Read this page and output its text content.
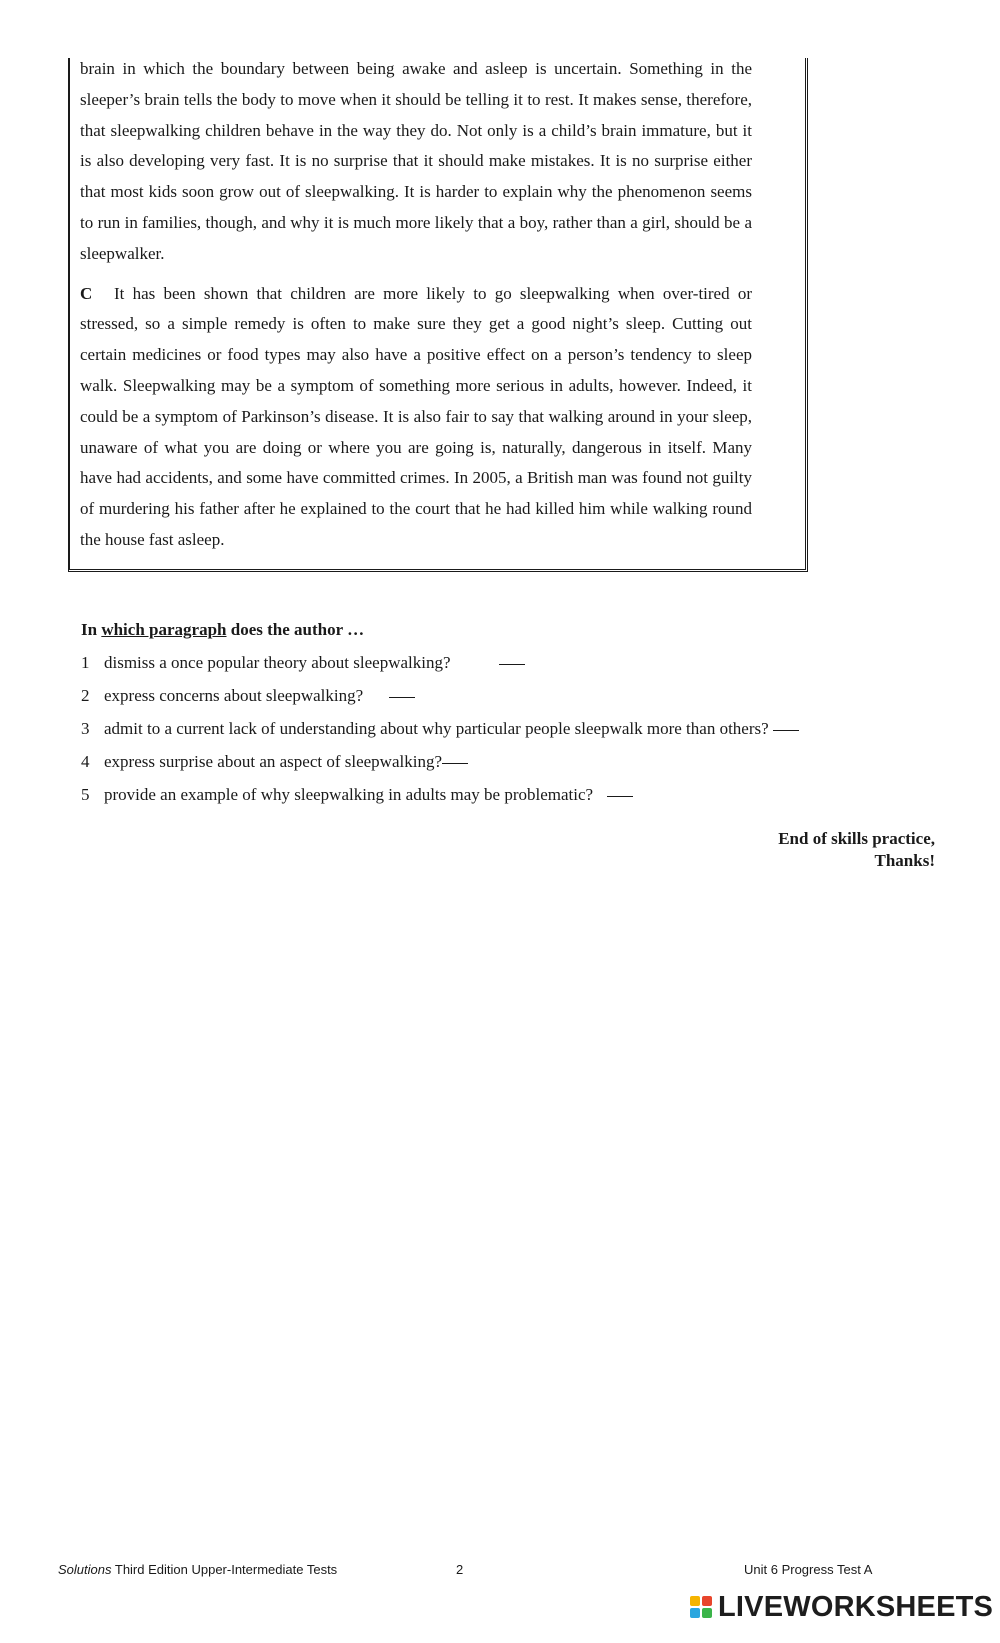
brain in which the boundary between being awake and asleep is uncertain. Something in the sleeper’s brain tells the body to move when it should be telling it to rest. It makes sense, therefore, that sleepwalking children behave in the way they do. Not only is a child’s brain immature, but it is also developing very fast. It is no surprise that it should make mistakes. It is no surprise either that most kids soon grow out of sleepwalking. It is harder to explain why the phenomenon seems to run in families, though, and why it is much more likely that a boy, rather than a girl, should be a sleepwalker.

C It has been shown that children are more likely to go sleepwalking when over-tired or stressed, so a simple remedy is often to make sure they get a good night’s sleep. Cutting out certain medicines or food types may also have a positive effect on a person’s tendency to sleep walk. Sleepwalking may be a symptom of something more serious in adults, however. Indeed, it could be a symptom of Parkinson’s disease. It is also fair to say that walking around in your sleep, unaware of what you are doing or where you are going is, naturally, dangerous in itself. Many have had accidents, and some have committed crimes. In 2005, a British man was found not guilty of murdering his father after he explained to the court that he had killed him while walking round the house fast asleep.

In which paragraph does the author …
1 dismiss a once popular theory about sleepwalking?
2 express concerns about sleepwalking?
3 admit to a current lack of understanding about why particular people sleepwalk more than others?
4 express surprise about an aspect of sleepwalking?
5 provide an example of why sleepwalking in adults may be problematic?
End of skills practice,
Thanks!
Solutions Third Edition Upper-Intermediate Tests	2	Unit 6 Progress Test A
LIVEWORKSHEETS
